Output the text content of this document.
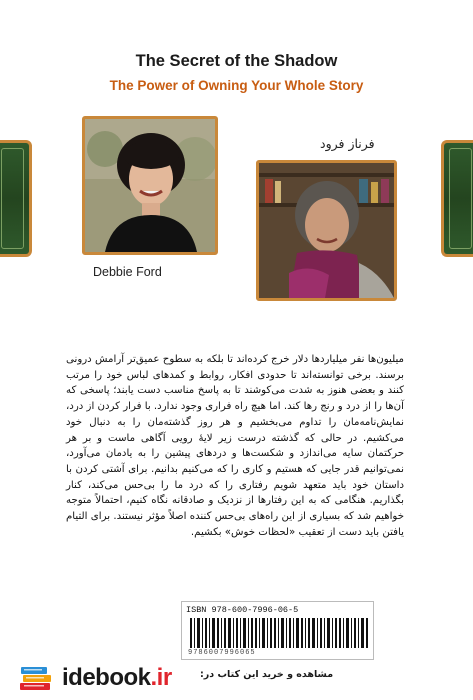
The Secret of the Shadow
The Power of Owning Your Whole Story

Debbie Ford

فرناز فرود

میلیون‌ها نفر میلیاردها دلار خرج کرده‌اند تا بلکه به سطوح عمیق‌تر آرامش درونی برسند. برخی توانسته‌اند تا حدودی افکار، روابط و کمدهای لباس خود را مرتب کنند و بعضی هنوز به شدت می‌کوشند تا به پاسخ مناسب دست یابند؛ پاسخی که آن‌ها را از درد و رنج رها کند. اما هیچ راه فراری وجود ندارد. با فرار کردن از درد، نمایش‌نامه‌مان را تداوم می‌بخشیم و هر روز گذشته‌مان را به دنبال خود می‌کشیم. در حالی که گذشته درست زیر لایهٔ رویی آگاهی ماست و بر هر حرکتمان سایه می‌اندازد و شکست‌ها و دردهای پیشین را به یادمان می‌آورد، نمی‌توانیم قدر جایی که هستیم و کاری را که می‌کنیم بدانیم. برای آشتی کردن با داستان خود باید متعهد شویم رفتاری را که درد ما را بی‌حس می‌کند، کنار بگذاریم. هنگامی که به این رفتارها از نزدیک و صادقانه نگاه کنیم، احتمالاً متوجه خواهیم شد که بسیاری از این راه‌های بی‌حس کننده اصلاً مؤثر نیستند. برای التیام یافتن باید دست از تعقیب «لحظات خوش» بکشیم.

ISBN 978-600-7996-06-5

9786007996065

idebook.ir	مشاهده و خرید این کتاب در:
